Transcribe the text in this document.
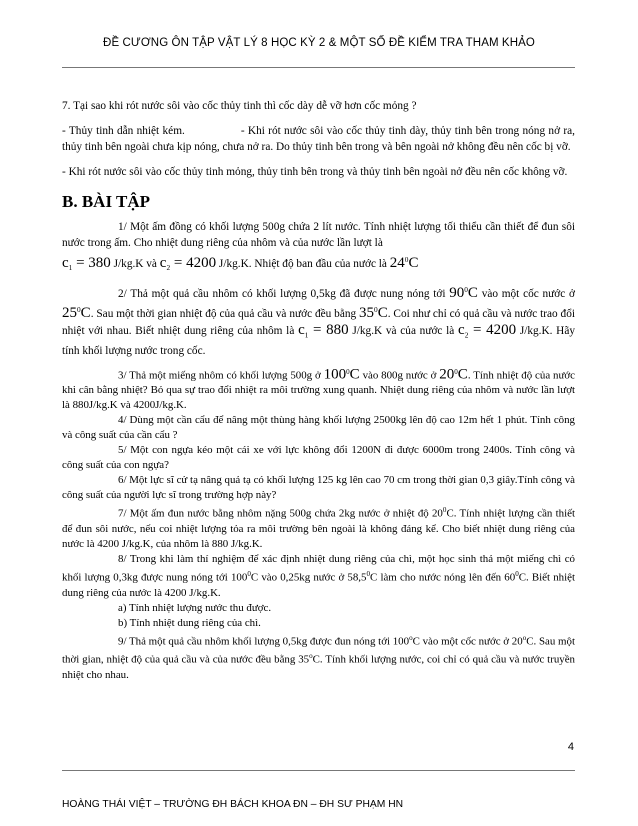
ĐỀ CƯƠNG ÔN TẬP VẬT LÝ 8 HỌC KỲ 2 & MỘT SỐ ĐỀ KIỂM TRA THAM KHẢO

7. Tại sao khi rót nước sôi vào cốc thủy tinh thì cốc dày dễ vỡ hơn cốc mỏng ?

- Thủy tinh dẫn nhiệt kém.	- Khi rót nước sôi vào cốc thủy tinh dày, thủy tinh bên trong nóng nở ra, thủy tinh bên ngoài chưa kịp nóng, chưa nở ra. Do thủy tinh bên trong và bên ngoài nở không đều nên cốc bị vỡ.

- Khi rót nước sôi vào cốc thủy tinh mỏng, thủy tinh bên trong và thủy tinh bên ngoài nở đều nên cốc không vỡ.

B. BÀI TẬP

1/ Một ấm đồng có khối lượng 500g chứa 2 lít nước. Tính nhiệt lượng tối thiểu cần thiết để đun sôi nước trong ấm. Cho nhiệt dung riêng của nhôm và của nước lần lượt là

$c_1 = 380$ J/kg.K và $c_2 = 4200$ J/kg.K. Nhiệt độ ban đầu của nước là $24^0C$

2/ Thả một quả cầu nhôm có khối lượng 0,5kg đã được nung nóng tới $90^0C$ vào một cốc nước ở $25^0C$. Sau một thời gian nhiệt độ của quả cầu và nước đều bằng $35^0C$. Coi như chỉ có quả cầu và nước trao đổi nhiệt với nhau. Biết nhiệt dung riêng của nhôm là $c_1 = 880$ J/kg.K và của nước là $c_2 = 4200$ J/kg.K. Hãy tính khối lượng nước trong cốc.

3/ Thả một miếng nhôm có khối lượng 500g ở $100^0C$ vào 800g nước ở $20^0C$. Tính nhiệt độ của nước khi cân bằng nhiệt? Bỏ qua sự trao đổi nhiệt ra môi trường xung quanh. Nhiệt dung riêng của nhôm và nước lần lượt là 880J/kg.K và 4200J/kg.K.

4/ Dùng một cần cẩu để nâng một thùng hàng khối lượng 2500kg lên độ cao 12m hết 1 phút. Tính công và công suất của cần cẩu ?

5/ Một con ngựa kéo một cái xe với lực không đổi 1200N đi được 6000m trong 2400s. Tính công và công suất của con ngựa?

6/ Một lực sĩ cử tạ nâng quả tạ có khối lượng 125 kg lên cao 70 cm trong thời gian 0,3 giây.Tính công và công suất của người lực sĩ trong trường hợp này?

7/ Một ấm đun nước bằng nhôm nặng 500g chứa 2kg nước ở nhiệt độ $20^0C$. Tính nhiệt lượng cần thiết để đun sôi nước, nếu coi nhiệt lượng tỏa ra môi trường bên ngoài là không đáng kể. Cho biết nhiệt dung riêng của nước là 4200 J/kg.K, của nhôm là 880 J/kg.K.

8/ Trong khi làm thí nghiệm để xác định nhiệt dung riêng của chì, một học sinh thả một miếng chì có khối lượng 0,3kg được nung nóng tới $100^0C$ vào 0,25kg nước ở 58,5$^0$C làm cho nước nóng lên đến $60^0C$. Biết nhiệt dung riêng của nước là 4200 J/kg.K.

a) Tính nhiệt lượng nước thu được.

b) Tính nhiệt dung riêng của chì.

9/ Thả một quả cầu nhôm khối lượng 0,5kg được đun nóng tới 100$^o$C vào một cốc nước ở 20$^o$C. Sau một thời gian, nhiệt độ của quả cầu và của nước đều bằng 35$^o$C. Tính khối lượng nước, coi chỉ có quả cầu và nước truyền nhiệt cho nhau.

4
HOÀNG THÁI VIỆT – TRƯỜNG ĐH BÁCH KHOA ĐN – ĐH SƯ PHẠM HN
